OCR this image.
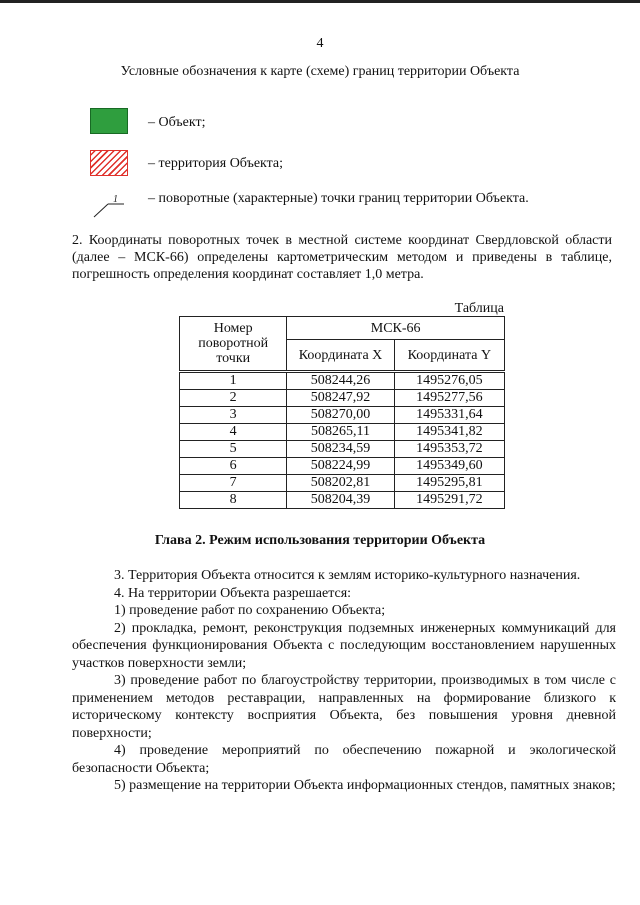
4
Условные обозначения к карте (схеме) границ территории Объекта
– Объект;
– территория Объекта;
1 – поворотные (характерные) точки границ территории Объекта.
2. Координаты поворотных точек в местной системе координат Свердловской области (далее – МСК-66) определены картометрическим методом и приведены в таблице, погрешность определения координат составляет 1,0 метра.
Таблица
Номер поворотной точки	МСК-66	
	Координата X	Координата Y
1	508244,26	1495276,05
2	508247,92	1495277,56
3	508270,00	1495331,64
4	508265,11	1495341,82
5	508234,59	1495353,72
6	508224,99	1495349,60
7	508202,81	1495295,81
8	508204,39	1495291,72
Глава 2. Режим использования территории Объекта

3. Территория Объекта относится к землям историко-культурного назначения.

4. На территории Объекта разрешается:

1) проведение работ по сохранению Объекта;

2) прокладка, ремонт, реконструкция подземных инженерных коммуникаций для обеспечения функционирования Объекта с последующим восстановлением нарушенных участков поверхности земли;

3) проведение работ по благоустройству территории, производимых в том числе с применением методов реставрации, направленных на формирование близкого к историческому контексту восприятия Объекта, без повышения уровня дневной поверхности;

4) проведение мероприятий по обеспечению пожарной и экологической безопасности Объекта;

5) размещение на территории Объекта информационных стендов, памятных знаков;
